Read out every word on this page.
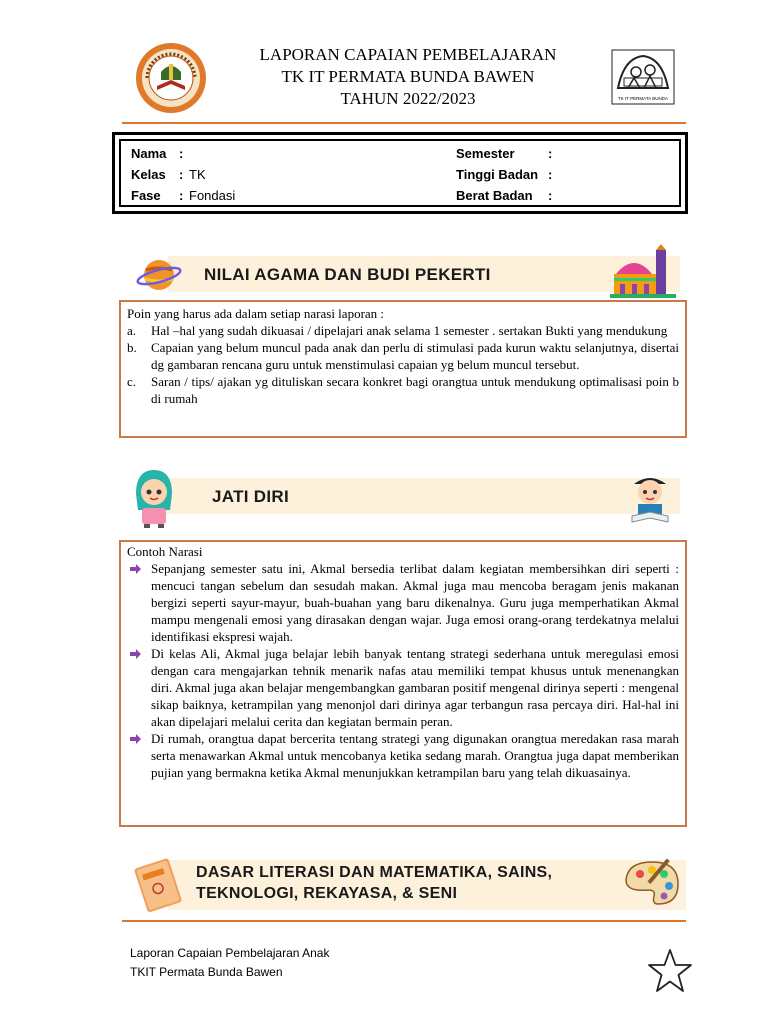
LAPORAN CAPAIAN PEMBELAJARAN
TK IT PERMATA BUNDA BAWEN
TAHUN 2022/2023	TK IT PERMATA BUNDA
Nama :
Kelas : TK
Fase : Fondasi
Semester	:
Tinggi Badan :
Berat Badan :
NILAI AGAMA DAN BUDI PEKERTI

Poin yang harus ada dalam setiap narasi laporan :

a. Hal –hal yang sudah dikuasai / dipelajari anak selama 1 semester . sertakan Bukti yang mendukung
b. Capaian yang belum muncul pada anak dan perlu di stimulasi pada kurun waktu selanjutnya, disertai dg gambaran rencana guru untuk menstimulasi capaian yg belum muncul tersebut.
c. Saran / tips/ ajakan yg dituliskan secara konkret bagi orangtua untuk mendukung optimalisasi poin b di rumah
JATI DIRI

Contoh Narasi

Sepanjang semester satu ini, Akmal bersedia terlibat dalam kegiatan membersihkan diri seperti : mencuci tangan sebelum dan sesudah makan. Akmal juga mau mencoba beragam jenis makanan bergizi seperti sayur-mayur, buah-buahan yang baru dikenalnya. Guru juga memperhatikan Akmal mampu mengenali emosi yang dirasakan dengan wajar. Juga emosi orang-orang terdekatnya melalui identifikasi ekspresi wajah.
Di kelas Ali, Akmal juga belajar lebih banyak tentang strategi sederhana untuk meregulasi emosi dengan cara mengajarkan tehnik menarik nafas atau memiliki tempat khusus untuk menenangkan diri. Akmal juga akan belajar mengembangkan gambaran positif mengenal dirinya seperti : mengenal sikap baiknya, ketrampilan yang menonjol dari dirinya agar terbangun rasa percaya diri. Hal-hal ini akan dipelajari melalui cerita dan kegiatan bermain peran.
Di rumah, orangtua dapat bercerita tentang strategi yang digunakan orangtua meredakan rasa marah serta menawarkan Akmal untuk mencobanya ketika sedang marah. Orangtua juga dapat memberikan pujian yang bermakna ketika Akmal menunjukkan ketrampilan baru yang telah dikuasainya.
DASAR LITERASI DAN MATEMATIKA, SAINS,
TEKNOLOGI, REKAYASA, & SENI
Laporan Capaian Pembelajaran Anak
TKIT Permata Bunda Bawen
